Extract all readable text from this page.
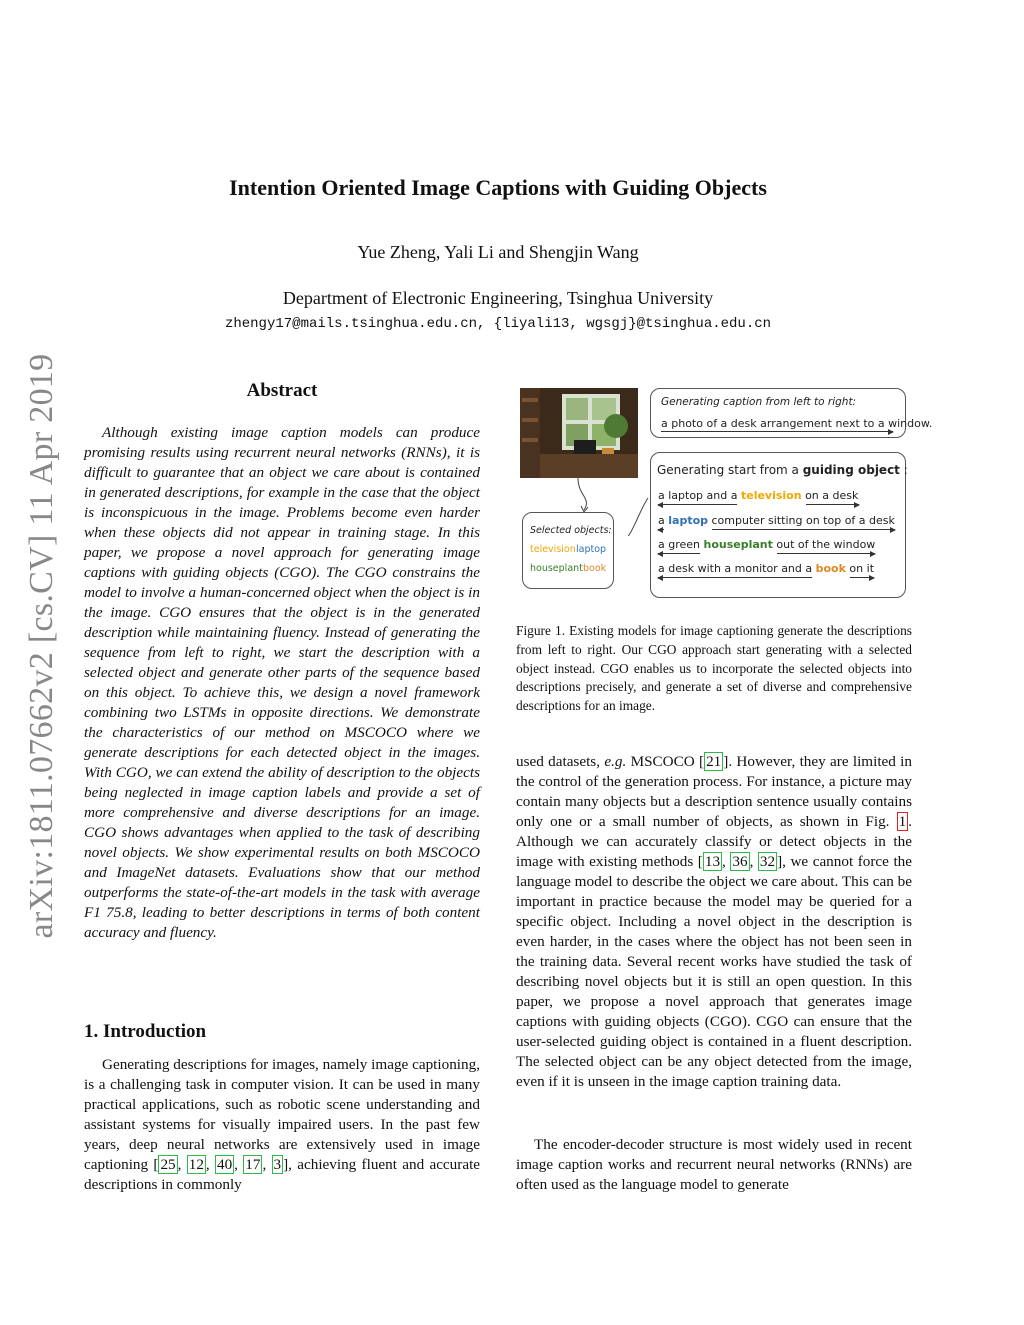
arXiv:1811.07662v2 [cs.CV] 11 Apr 2019
Intention Oriented Image Captions with Guiding Objects
Yue Zheng, Yali Li and Shengjin Wang
Department of Electronic Engineering, Tsinghua University
zhengy17@mails.tsinghua.edu.cn, {liyali13, wgsgj}@tsinghua.edu.cn
Abstract

Although existing image caption models can produce promising results using recurrent neural networks (RNNs), it is difficult to guarantee that an object we care about is contained in generated descriptions, for example in the case that the object is inconspicuous in the image. Problems become even harder when these objects did not appear in training stage. In this paper, we propose a novel approach for generating image captions with guiding objects (CGO). The CGO constrains the model to involve a human-concerned object when the object is in the image. CGO ensures that the object is in the generated description while maintaining fluency. Instead of generating the sequence from left to right, we start the description with a selected object and generate other parts of the sequence based on this object. To achieve this, we design a novel framework combining two LSTMs in opposite directions. We demonstrate the characteristics of our method on MSCOCO where we generate descriptions for each detected object in the images. With CGO, we can extend the ability of description to the objects being neglected in image caption labels and provide a set of more comprehensive and diverse descriptions for an image. CGO shows advantages when applied to the task of describing novel objects. We show experimental results on both MSCOCO and ImageNet datasets. Evaluations show that our method outperforms the state-of-the-art models in the task with average F1 75.8, leading to better descriptions in terms of both content accuracy and fluency.

1. Introduction

Generating descriptions for images, namely image captioning, is a challenging task in computer vision. It can be used in many practical applications, such as robotic scene understanding and assistant systems for visually impaired users. In the past few years, deep neural networks are extensively used in image captioning [ 25 , 12 , 40 , 17 , 3 ], achieving fluent and accurate descriptions in commonly

Generating caption from left to right:
a photo of a desk arrangement next to a window.
Generating start from a guiding object :
a laptop and a television on a desk
a laptop computer sitting on top of a desk
a green houseplant out of the window
a desk with a monitor and a book on it
Selected objects:
television laptop
houseplant book
Figure 1. Existing models for image captioning generate the descriptions from left to right. Our CGO approach start generating with a selected object instead. CGO enables us to incorporate the selected objects into descriptions precisely, and generate a set of diverse and comprehensive descriptions for an image.

used datasets, e.g. MSCOCO [ 21 ]. However, they are limited in the control of the generation process. For instance, a picture may contain many objects but a description sentence usually contains only one or a small number of objects, as shown in Fig. 1 . Although we can accurately classify or detect objects in the image with existing methods [ 13 , 36 , 32 ], we cannot force the language model to describe the object we care about. This can be important in practice because the model may be queried for a specific object. Including a novel object in the description is even harder, in the cases where the object has not been seen in the training data. Several recent works have studied the task of describing novel objects but it is still an open question. In this paper, we propose a novel approach that generates image captions with guiding objects (CGO). CGO can ensure that the user-selected guiding object is contained in a fluent description. The selected object can be any object detected from the image, even if it is unseen in the image caption training data.

The encoder-decoder structure is most widely used in recent image caption works and recurrent neural networks (RNNs) are often used as the language model to generate
